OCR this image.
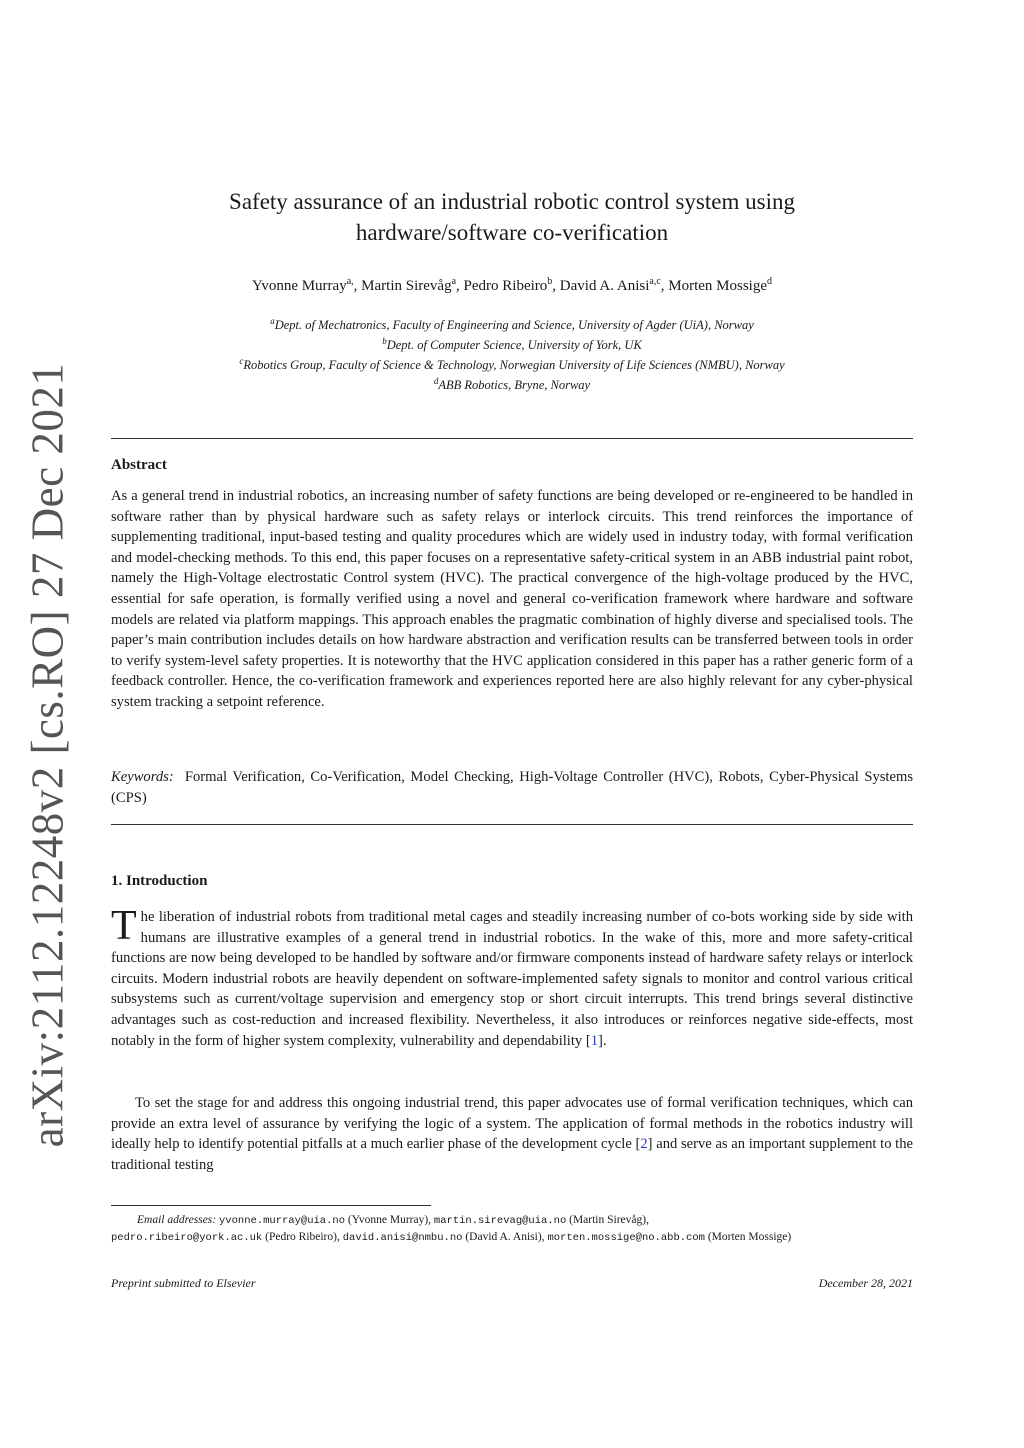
arXiv:2112.12248v2 [cs.RO] 27 Dec 2021
Safety assurance of an industrial robotic control system using
hardware/software co-verification
Yvonne Murray$^{a,}$, Martin Sirevåg$^a$, Pedro Ribeiro$^b$, David A. Anisi$^{a,c}$, Morten Mossige$^d$
$^a$Dept. of Mechatronics, Faculty of Engineering and Science, University of Agder (UiA), Norway
$^b$Dept. of Computer Science, University of York, UK
$^c$Robotics Group, Faculty of Science & Technology, Norwegian University of Life Sciences (NMBU), Norway
$^d$ABB Robotics, Bryne, Norway
Abstract
As a general trend in industrial robotics, an increasing number of safety functions are being developed or re-engineered to be handled in software rather than by physical hardware such as safety relays or interlock circuits. This trend reinforces the importance of supplementing traditional, input-based testing and quality procedures which are widely used in industry today, with formal verification and model-checking methods. To this end, this paper focuses on a representative safety-critical system in an ABB industrial paint robot, namely the High-Voltage electrostatic Control system (HVC). The practical convergence of the high-voltage produced by the HVC, essential for safe operation, is formally verified using a novel and general co-verification framework where hardware and software models are related via platform mappings. This approach enables the pragmatic combination of highly diverse and specialised tools. The paper’s main contribution includes details on how hardware abstraction and verification results can be transferred between tools in order to verify system-level safety properties. It is noteworthy that the HVC application considered in this paper has a rather generic form of a feedback controller. Hence, the co-verification framework and experiences reported here are also highly relevant for any cyber-physical system tracking a setpoint reference.
Keywords: Formal Verification, Co-Verification, Model Checking, High-Voltage Controller (HVC), Robots, Cyber-Physical Systems (CPS)
1. Introduction
The liberation of industrial robots from traditional metal cages and steadily increasing number of co-bots working side by side with humans are illustrative examples of a general trend in industrial robotics. In the wake of this, more and more safety-critical functions are now being developed to be handled by software and/or firmware components instead of hardware safety relays or interlock circuits. Modern industrial robots are heavily dependent on software-implemented safety signals to monitor and control various critical subsystems such as current/voltage supervision and emergency stop or short circuit interrupts. This trend brings several distinctive advantages such as cost-reduction and increased flexibility. Nevertheless, it also introduces or reinforces negative side-effects, most notably in the form of higher system complexity, vulnerability and dependability [1].
To set the stage for and address this ongoing industrial trend, this paper advocates use of formal verification techniques, which can provide an extra level of assurance by verifying the logic of a system. The application of formal methods in the robotics industry will ideally help to identify potential pitfalls at a much earlier phase of the development cycle [2] and serve as an important supplement to the traditional testing
Email addresses: yvonne.murray@uia.no (Yvonne Murray), martin.sirevag@uia.no (Martin Sirevåg),
pedro.ribeiro@york.ac.uk (Pedro Ribeiro), david.anisi@nmbu.no (David A. Anisi), morten.mossige@no.abb.com (Morten Mossige)
Preprint submitted to Elsevier	December 28, 2021
